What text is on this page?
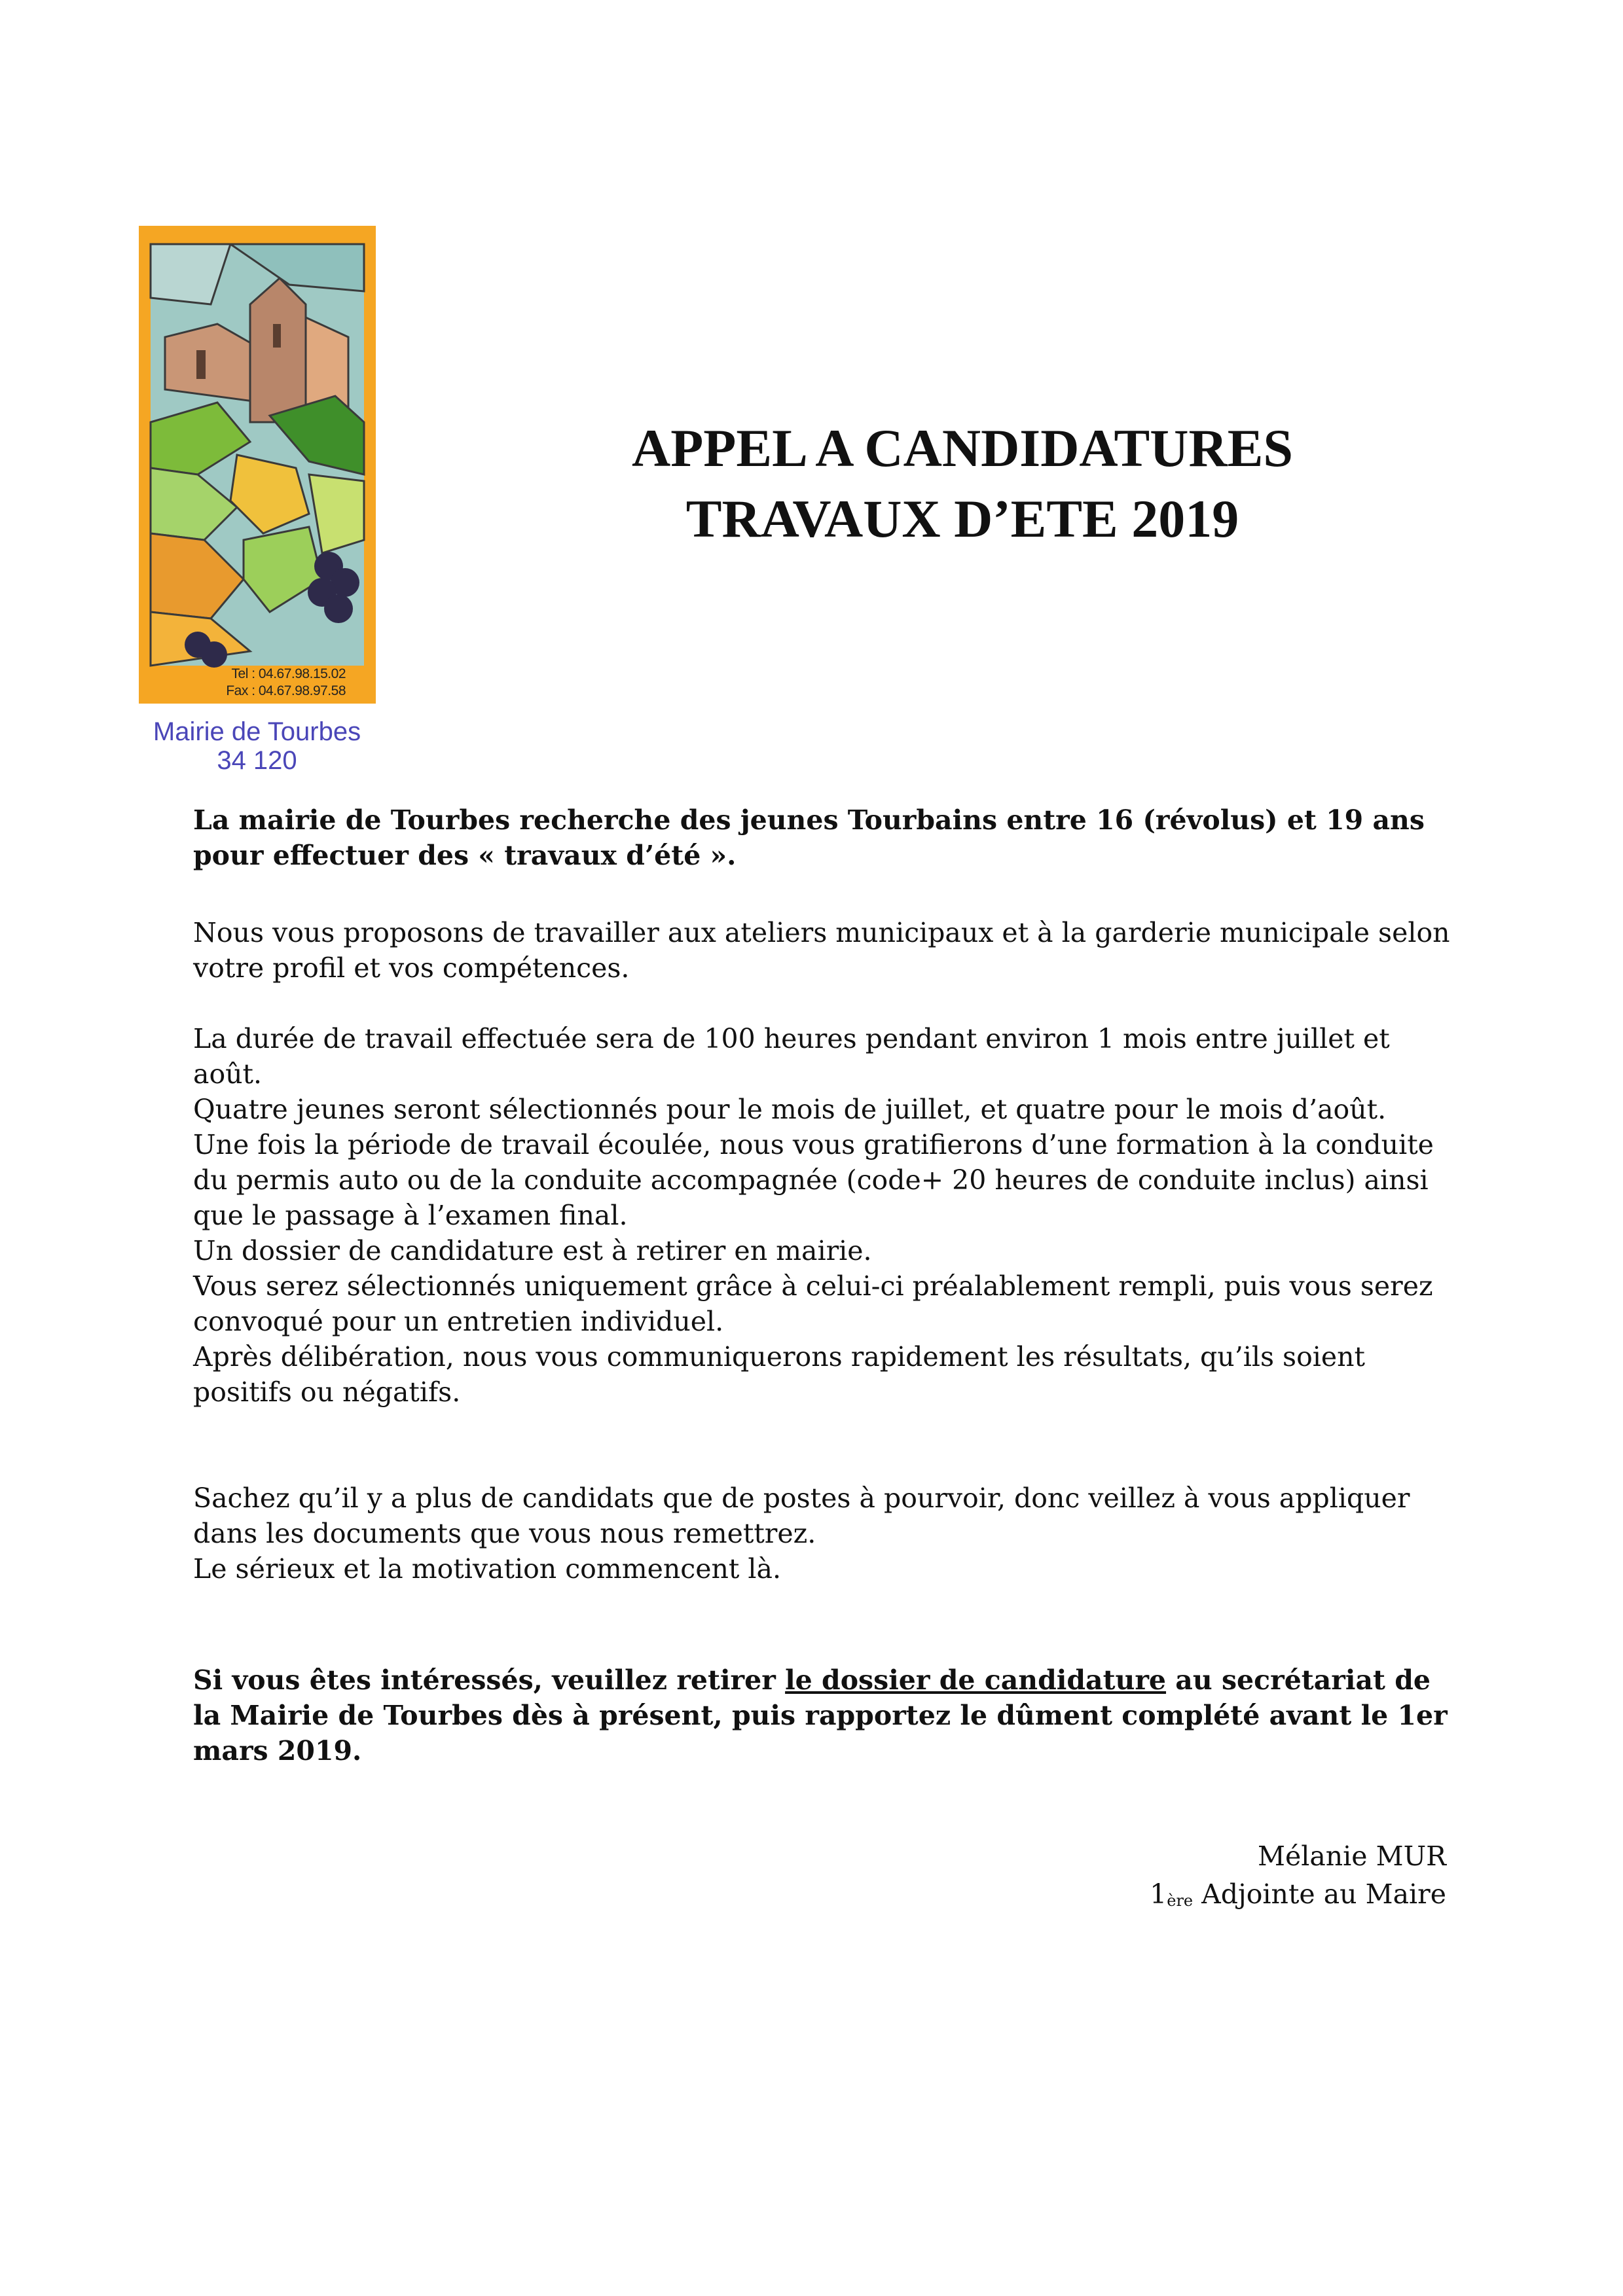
Tel : 04.67.98.15.02
Fax : 04.67.98.97.58
Mairie de Tourbes
34 120
APPEL A CANDIDATURES
TRAVAUX D’ETE 2019

La mairie de Tourbes recherche des jeunes Tourbains entre 16 (révolus) et 19 ans pour effectuer des « travaux d’été ».

Nous vous proposons de travailler aux ateliers municipaux et à la garderie municipale selon votre profil et vos compétences.

La durée de travail effectuée sera de 100 heures pendant environ 1 mois entre juillet et août.
Quatre jeunes seront sélectionnés pour le mois de juillet, et quatre pour le mois d’août.
Une fois la période de travail écoulée, nous vous gratifierons d’une formation à la conduite du permis auto ou de la conduite accompagnée (code+ 20 heures de conduite inclus) ainsi que le passage à l’examen final.
Un dossier de candidature est à retirer en mairie.
Vous serez sélectionnés uniquement grâce à celui-ci préalablement rempli, puis vous serez convoqué pour un entretien individuel.
Après délibération, nous vous communiquerons rapidement les résultats, qu’ils soient positifs ou négatifs.
Sachez qu’il y a plus de candidats que de postes à pourvoir, donc veillez à vous appliquer dans les documents que vous nous remettrez.
Le sérieux et la motivation commencent là.

Si vous êtes intéressés, veuillez retirer le dossier de candidature au secrétariat de la Mairie de Tourbes dès à présent, puis rapportez le dûment complété avant le 1er mars 2019.

Mélanie MUR
1ère Adjointe au Maire
